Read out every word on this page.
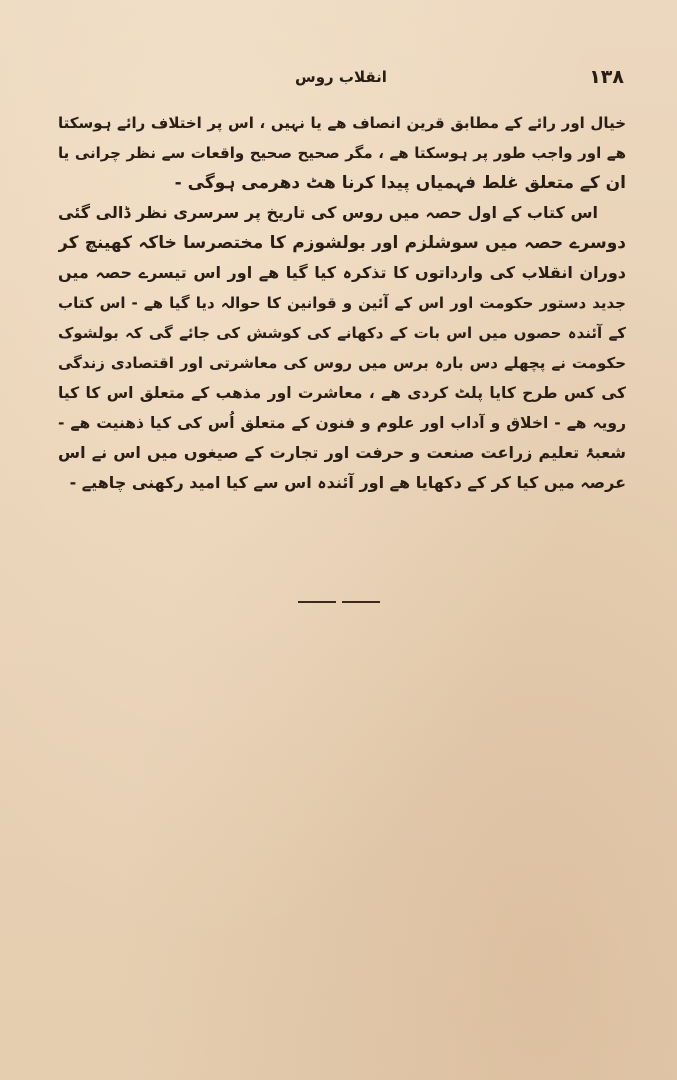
۱۳۸
انقلاب روس
خیال اور رائے کے مطابق قرین انصاف ھے یا نہیں ، اس پر اختلاف رائے ہوسکتا
ھے اور واجب طور پر ہوسکتا ھے ، مگر صحیح صحیح واقعات سے نظر چرانی یا
ان کے متعلق غلط فہمیاں پیدا کرنا ھٹ دھرمی ہوگی -
اس کتاب کے اول حصہ میں روس کی تاریخ پر سرسری نظر ڈالی گئی
دوسرے حصہ میں سوشلزم اور بولشوزم کا مختصرسا خاکہ کھینچ کر
دوران انقلاب کی وارداتوں کا تذکرہ کیا گیا ھے اور اس تیسرے حصہ میں
جدید دستور حکومت اور اس کے آئین و قوانین کا حوالہ دیا گیا ھے - اس کتاب
کے آئندہ حصوں میں اس بات کے دکھانے کی کوشش کی جائے گی کہ بولشوک
حکومت نے پچھلے دس بارہ برس میں روس کی معاشرتی اور اقتصادی زندگی
کی کس طرح کایا پلٹ کردی ھے ، معاشرت اور مذھب کے متعلق اس کا کیا
رویہ ھے - اخلاق و آداب اور علوم و فنون کے متعلق اُس کی کیا ذھنیت ھے -
شعبۂ تعلیم زراعت صنعت و حرفت اور تجارت کے صیغوں میں اس نے اس
عرصہ میں کیا کر کے دکھایا ھے اور آئندہ اس سے کیا امید رکھنی چاھیے -
